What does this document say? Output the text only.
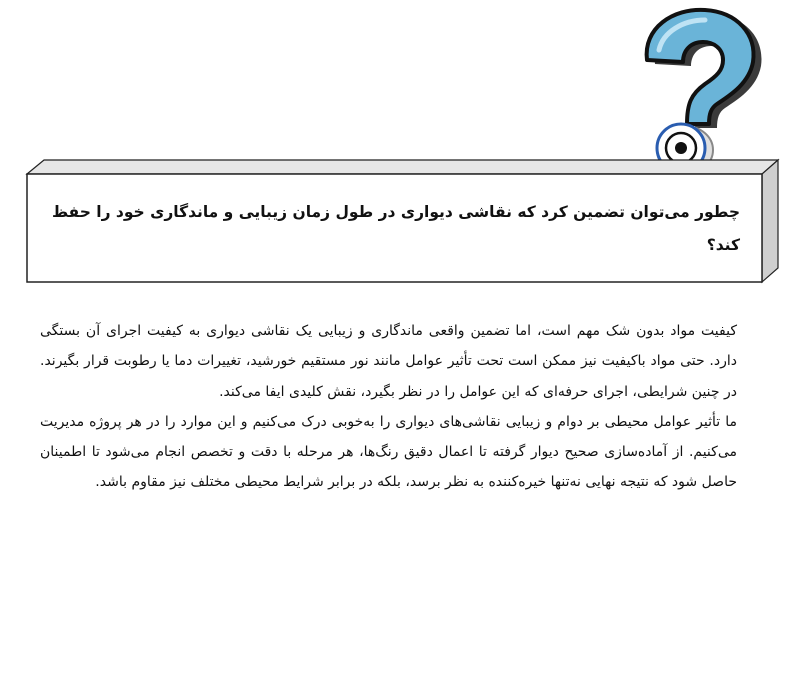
چطور می‌توان تضمین کرد که نقاشی دیواری در طول زمان زیبایی و ماندگاری خود را حفظ کند؟

کیفیت مواد بدون شک مهم است، اما تضمین واقعی ماندگاری و زیبایی یک نقاشی دیواری به کیفیت اجرای آن بستگی دارد. حتی مواد باکیفیت نیز ممکن است تحت تأثیر عوامل مانند نور مستقیم خورشید، تغییرات دما یا رطوبت قرار بگیرند. در چنین شرایطی، اجرای حرفه‌ای که این عوامل را در نظر بگیرد، نقش کلیدی ایفا می‌کند.

ما تأثیر عوامل محیطی بر دوام و زیبایی نقاشی‌های دیواری را به‌خوبی درک می‌کنیم و این موارد را در هر پروژه مدیریت می‌کنیم. از آماده‌سازی صحیح دیوار گرفته تا اعمال دقیق رنگ‌ها، هر مرحله با دقت و تخصص انجام می‌شود تا اطمینان حاصل شود که نتیجه نهایی نه‌تنها خیره‌کننده به نظر برسد، بلکه در برابر شرایط محیطی مختلف نیز مقاوم باشد.
